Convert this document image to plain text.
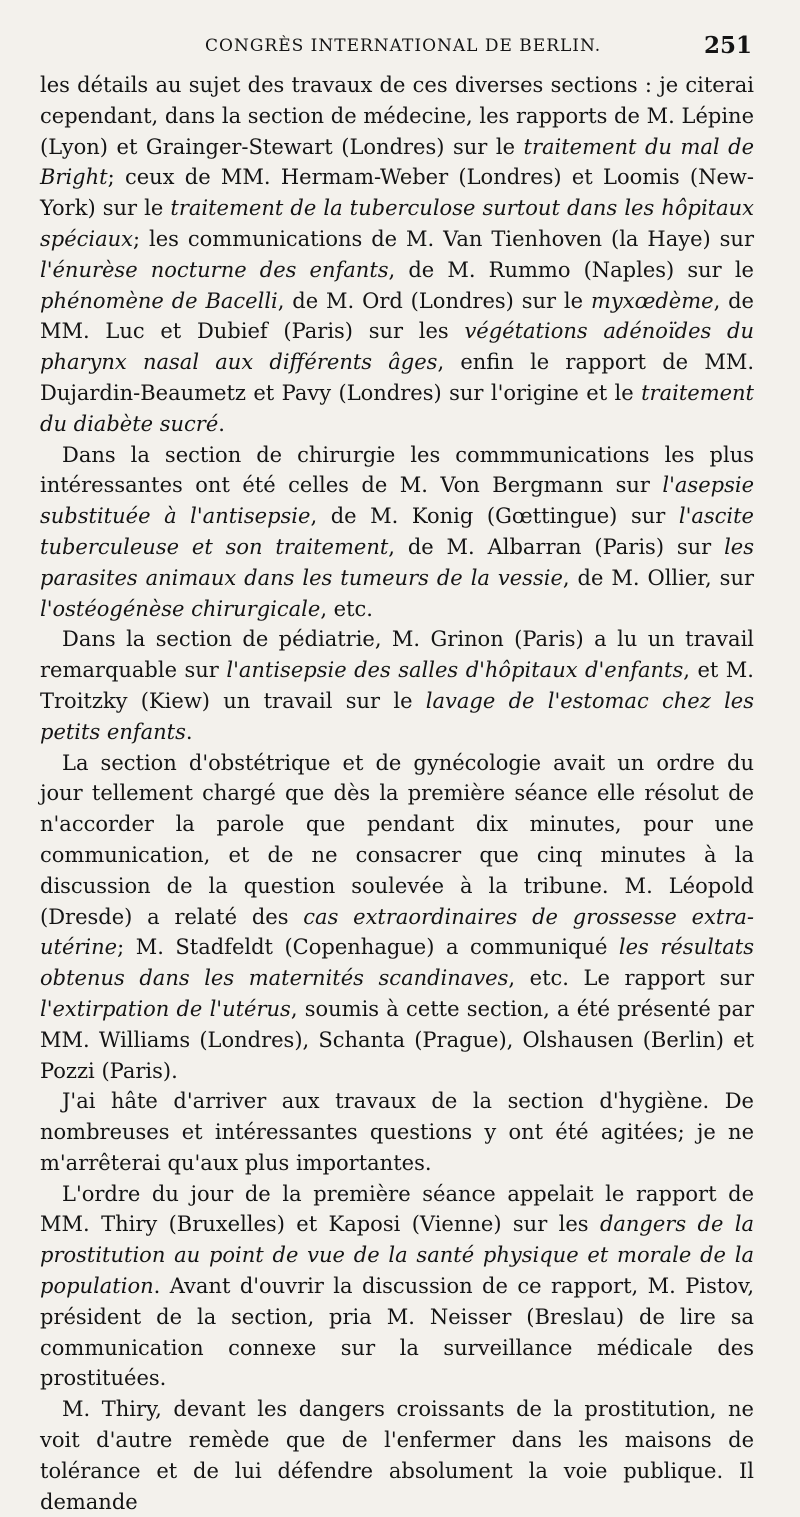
CONGRÈS INTERNATIONAL DE BERLIN.	251

les détails au sujet des travaux de ces diverses sections : je citerai cependant, dans la section de médecine, les rapports de M. Lépine (Lyon) et Grainger-Stewart (Londres) sur le traitement du mal de Bright; ceux de MM. Hermam-Weber (Londres) et Loomis (New-York) sur le traitement de la tuberculose surtout dans les hôpitaux spéciaux; les communications de M. Van Tienhoven (la Haye) sur l'énurèse nocturne des enfants, de M. Rummo (Naples) sur le phénomène de Bacelli, de M. Ord (Londres) sur le myxœdème, de MM. Luc et Dubief (Paris) sur les végétations adénoïdes du pharynx nasal aux différents âges, enfin le rapport de MM. Dujardin-Beaumetz et Pavy (Londres) sur l'origine et le traitement du diabète sucré.

Dans la section de chirurgie les commmunications les plus intéressantes ont été celles de M. Von Bergmann sur l'asepsie substituée à l'antisepsie, de M. Konig (Gœttingue) sur l'ascite tuberculeuse et son traitement, de M. Albarran (Paris) sur les parasites animaux dans les tumeurs de la vessie, de M. Ollier, sur l'ostéogénèse chirurgicale, etc.

Dans la section de pédiatrie, M. Grinon (Paris) a lu un travail remarquable sur l'antisepsie des salles d'hôpitaux d'enfants, et M. Troitzky (Kiew) un travail sur le lavage de l'estomac chez les petits enfants.

La section d'obstétrique et de gynécologie avait un ordre du jour tellement chargé que dès la première séance elle résolut de n'accorder la parole que pendant dix minutes, pour une communication, et de ne consacrer que cinq minutes à la discussion de la question soulevée à la tribune. M. Léopold (Dresde) a relaté des cas extraordinaires de grossesse extra-utérine; M. Stadfeldt (Copenhague) a communiqué les résultats obtenus dans les maternités scandinaves, etc. Le rapport sur l'extirpation de l'utérus, soumis à cette section, a été présenté par MM. Williams (Londres), Schanta (Prague), Olshausen (Berlin) et Pozzi (Paris).

J'ai hâte d'arriver aux travaux de la section d'hygiène. De nombreuses et intéressantes questions y ont été agitées; je ne m'arrêterai qu'aux plus importantes.

L'ordre du jour de la première séance appelait le rapport de MM. Thiry (Bruxelles) et Kaposi (Vienne) sur les dangers de la prostitution au point de vue de la santé physique et morale de la population. Avant d'ouvrir la discussion de ce rapport, M. Pistov, président de la section, pria M. Neisser (Breslau) de lire sa communication connexe sur la surveillance médicale des prostituées.

M. Thiry, devant les dangers croissants de la prostitution, ne voit d'autre remède que de l'enfermer dans les maisons de tolérance et de lui défendre absolument la voie publique. Il demande
